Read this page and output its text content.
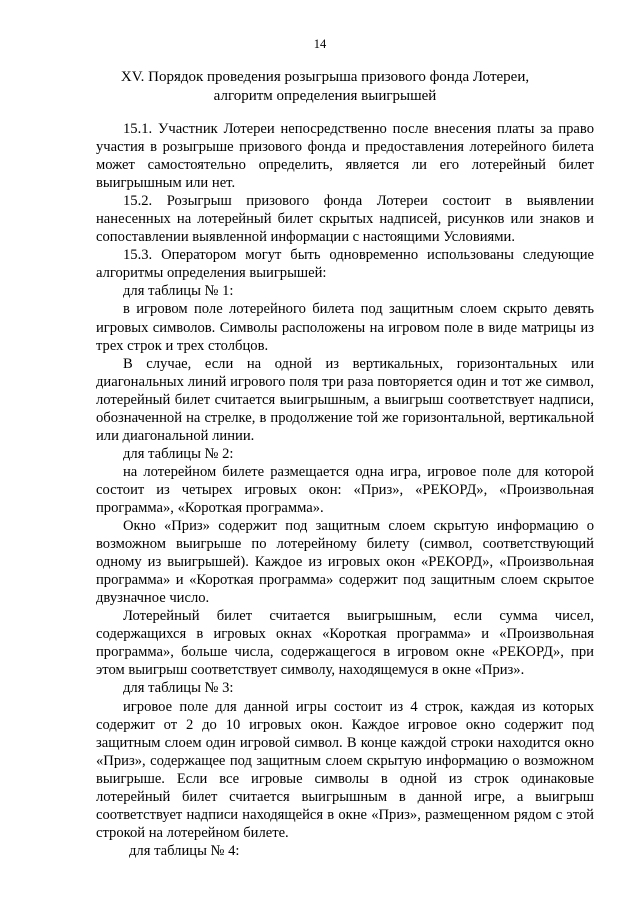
14
XV. Порядок проведения розыгрыша призового фонда Лотереи,
алгоритм определения выигрышей

15.1. Участник Лотереи непосредственно после внесения платы за право участия в розыгрыше призового фонда и предоставления лотерейного билета может самостоятельно определить, является ли его лотерейный билет выигрышным или нет.

15.2. Розыгрыш призового фонда Лотереи состоит в выявлении нанесенных на лотерейный билет скрытых надписей, рисунков или знаков и сопоставлении выявленной информации с настоящими Условиями.

15.3. Оператором могут быть одновременно использованы следующие алгоритмы определения выигрышей:

для таблицы № 1:

в игровом поле лотерейного билета под защитным слоем скрыто девять игровых символов. Символы расположены на игровом поле в виде матрицы из трех строк и трех столбцов.

В случае, если на одной из вертикальных, горизонтальных или диагональных линий игрового поля три раза повторяется один и тот же символ, лотерейный билет считается выигрышным, а выигрыш соответствует надписи, обозначенной на стрелке, в продолжение той же горизонтальной, вертикальной или диагональной линии.

для таблицы № 2:

на лотерейном билете размещается одна игра, игровое поле для которой состоит из четырех игровых окон: «Приз», «РЕКОРД», «Произвольная программа», «Короткая программа».

Окно «Приз» содержит под защитным слоем скрытую информацию о возможном выигрыше по лотерейному билету (символ, соответствующий одному из выигрышей). Каждое из игровых окон «РЕКОРД», «Произвольная программа» и «Короткая программа» содержит под защитным слоем скрытое двузначное число.

Лотерейный билет считается выигрышным, если сумма чисел, содержащихся в игровых окнах «Короткая программа» и «Произвольная программа», больше числа, содержащегося в игровом окне «РЕКОРД», при этом выигрыш соответствует символу, находящемуся в окне «Приз».

для таблицы № 3:

игровое поле для данной игры состоит из 4 строк, каждая из которых содержит от 2 до 10 игровых окон. Каждое игровое окно содержит под защитным слоем один игровой символ. В конце каждой строки находится окно «Приз», содержащее под защитным слоем скрытую информацию о возможном выигрыше. Если все игровые символы в одной из строк одинаковые лотерейный билет считается выигрышным в данной игре, а выигрыш соответствует надписи находящейся в окне «Приз», размещенном рядом с этой строкой на лотерейном билете.

для таблицы № 4:
